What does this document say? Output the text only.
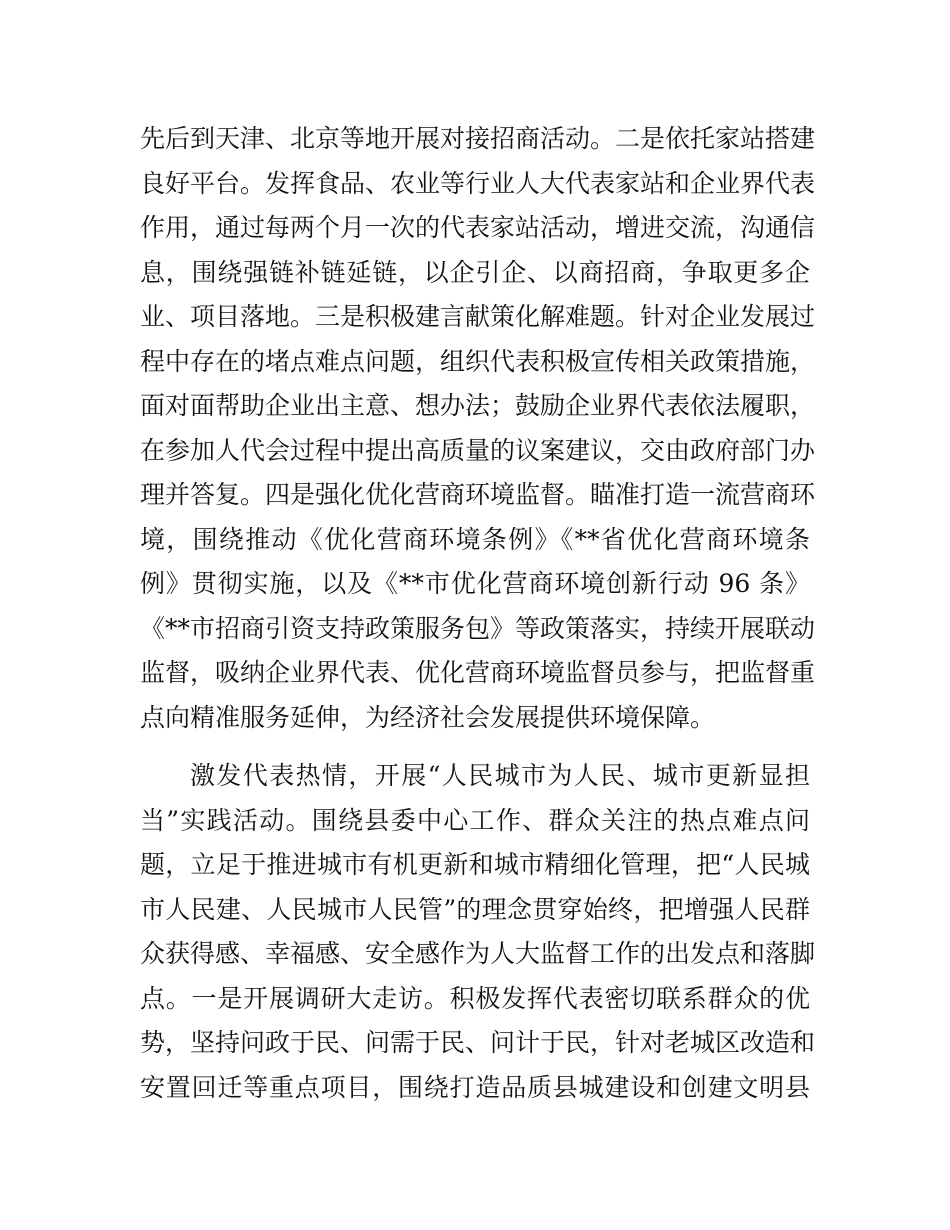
先后到天津、北京等地开展对接招商活动。二是依托家站搭建
良好平台。发挥食品、农业等行业人大代表家站和企业界代表
作用，通过每两个月一次的代表家站活动，增进交流，沟通信
息，围绕强链补链延链，以企引企、以商招商，争取更多企
业、项目落地。三是积极建言献策化解难题。针对企业发展过
程中存在的堵点难点问题，组织代表积极宣传相关政策措施，
面对面帮助企业出主意、想办法；鼓励企业界代表依法履职，
在参加人代会过程中提出高质量的议案建议，交由政府部门办
理并答复。四是强化优化营商环境监督。瞄准打造一流营商环
境，围绕推动《优化营商环境条例》《**省优化营商环境条
例》贯彻实施，以及《**市优化营商环境创新行动 96 条》
《**市招商引资支持政策服务包》等政策落实，持续开展联动
监督，吸纳企业界代表、优化营商环境监督员参与，把监督重
点向精准服务延伸，为经济社会发展提供环境保障。
激发代表热情，开展“人民城市为人民、城市更新显担
当”实践活动。围绕县委中心工作、群众关注的热点难点问
题，立足于推进城市有机更新和城市精细化管理，把“人民城
市人民建、人民城市人民管”的理念贯穿始终，把增强人民群
众获得感、幸福感、安全感作为人大监督工作的出发点和落脚
点。一是开展调研大走访。积极发挥代表密切联系群众的优
势，坚持问政于民、问需于民、问计于民，针对老城区改造和
安置回迁等重点项目，围绕打造品质县城建设和创建文明县
